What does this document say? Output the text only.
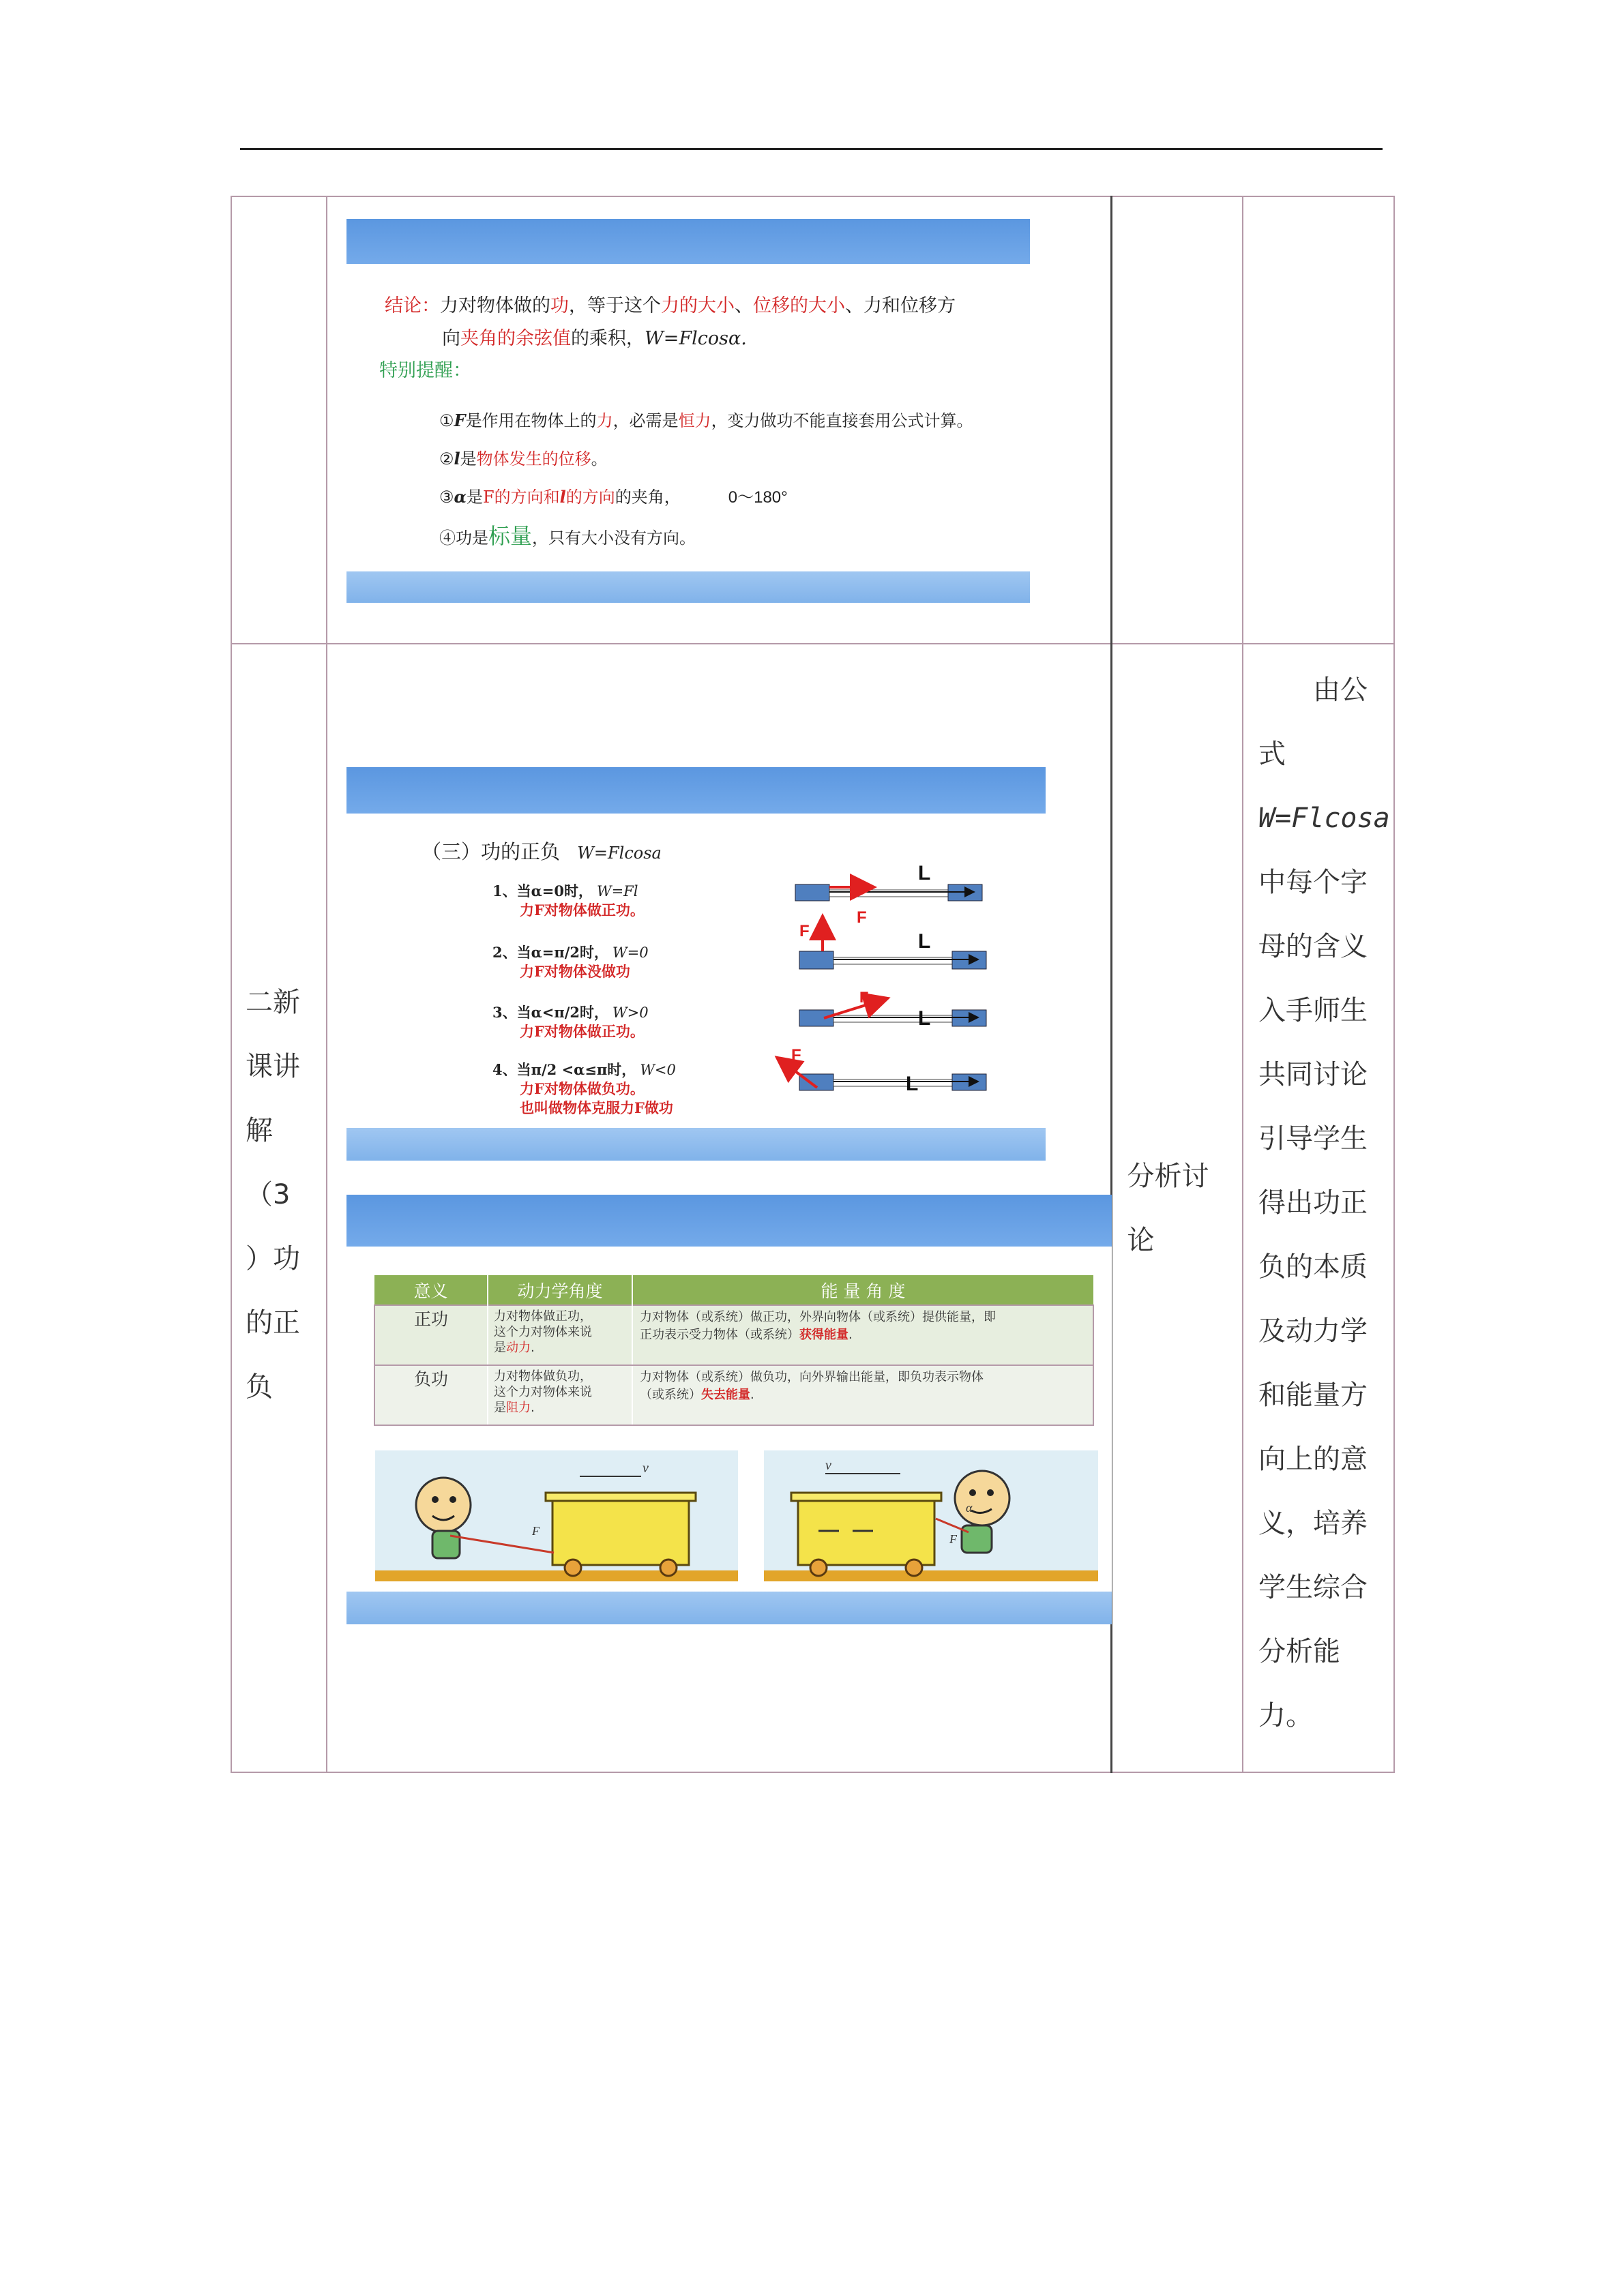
结论：力对物体做的功，等于这个力的大小、位移的大小、力和位移方
向夹角的余弦值的乘积，W=Flcosα.
特别提醒：
①F是作用在物体上的力，必需是恒力，变力做功不能直接套用公式计算。
②l是物体发生的位移。
③α是F的方向和l的方向的夹角，	0～180°
④功是标量，只有大小没有方向。

二新
课讲
解
（3
）功
的正
负

（三）功的正负 W=Flcosa
1、当α=0时， W=Fl
力F对物体做正功。
2、当α=π/2时， W=0
力F对物体没做功
3、当α<π/2时， W>0
力F对物体做正功。
4、当π/2 <α≤π时， W<0
力F对物体做负功。
也叫做物体克服力F做功
L
F
F	L
F
L
F
L
意义	动力学角度	能 量 角 度
正功	力对物体做正功，
这个力对物体来说
是动力.	力对物体（或系统）做正功，外界向物体（或系统）提供能量，即
正功表示受力物体（或系统）获得能量.
负功	力对物体做负功，
这个力对物体来说
是阻力.	力对物体（或系统）做负功，向外界输出能量，即负功表示物体
（或系统）失去能量.
v
F
v
F
α

分析讨
论

由公
式
W=Flcosa
中每个字
母的含义
入手师生
共同讨论
引导学生
得出功正
负的本质
及动力学
和能量方
向上的意
义，培养
学生综合
分析能
力。
